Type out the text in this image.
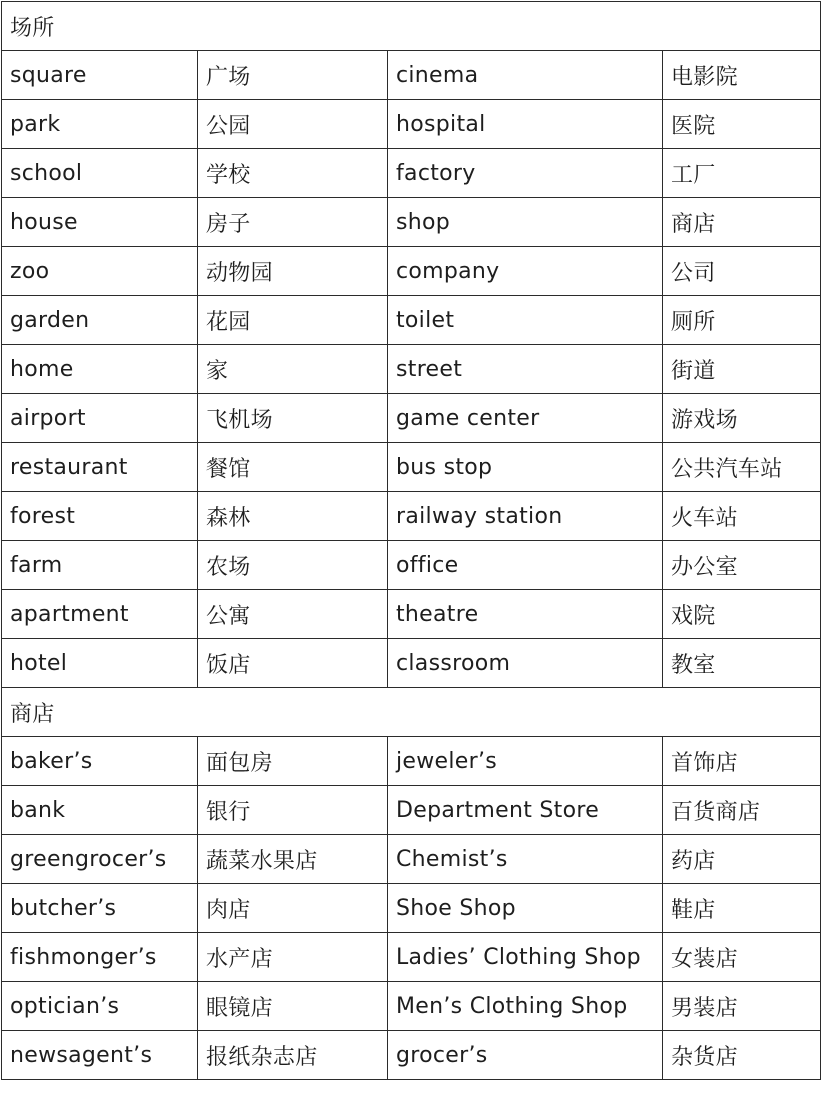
场所			
square	广场	cinema	电影院
park	公园	hospital	医院
school	学校	factory	工厂
house	房子	shop	商店
zoo	动物园	company	公司
garden	花园	toilet	厕所
home	家	street	街道
airport	飞机场	game center	游戏场
restaurant	餐馆	bus stop	公共汽车站
forest	森林	railway station	火车站
farm	农场	office	办公室
apartment	公寓	theatre	戏院
hotel	饭店	classroom	教室
商店			
baker’s	面包房	jeweler’s	首饰店
bank	银行	Department Store	百货商店
greengrocer’s	蔬菜水果店	Chemist’s	药店
butcher’s	肉店	Shoe Shop	鞋店
fishmonger’s	水产店	Ladies’ Clothing Shop	女装店
optician’s	眼镜店	Men’s Clothing Shop	男装店
newsagent’s	报纸杂志店	grocer’s	杂货店
